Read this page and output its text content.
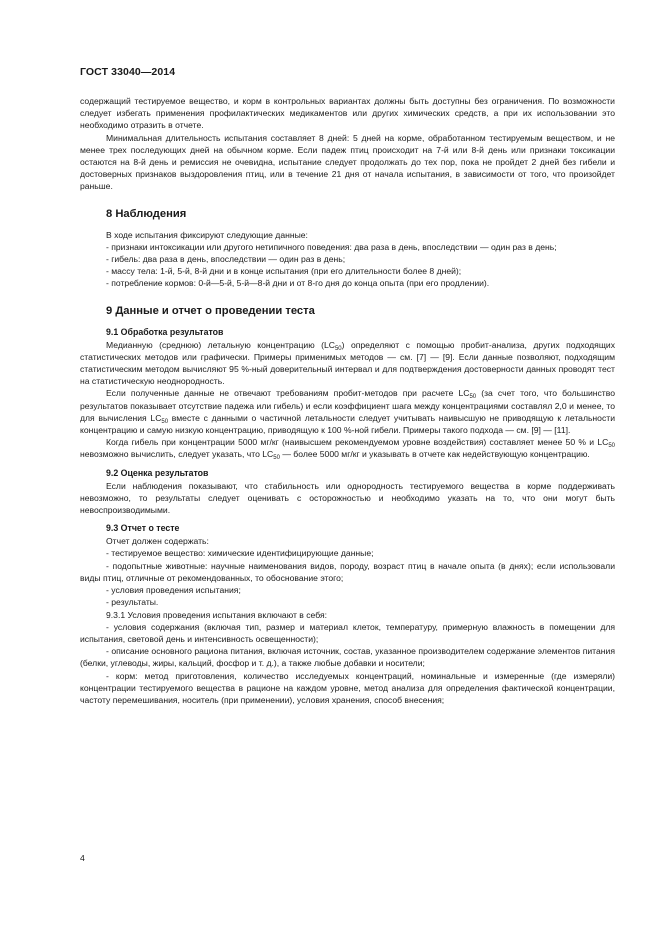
ГОСТ 33040—2014

содержащий тестируемое вещество, и корм в контрольных вариантах должны быть доступны без ограничения. По возможности следует избегать применения профилактических медикаментов или других химических средств, а при их использовании это необходимо отразить в отчете.

Минимальная длительность испытания составляет 8 дней: 5 дней на корме, обработанном тестируемым веществом, и не менее трех последующих дней на обычном корме. Если падеж птиц происходит на 7-й или 8-й день или признаки токсикации остаются на 8-й день и ремиссия не очевидна, испытание следует продолжать до тех пор, пока не пройдет 2 дней без гибели и достоверных признаков выздоровления птиц, или в течение 21 дня от начала испытания, в зависимости от того, что произойдет раньше.

8 Наблюдения

В ходе испытания фиксируют следующие данные:

- признаки интоксикации или другого нетипичного поведения: два раза в день, впоследствии — один раз в день;

- гибель: два раза в день, впоследствии — один раз в день;

- массу тела: 1-й, 5-й, 8-й дни и в конце испытания (при его длительности более 8 дней);

- потребление кормов: 0-й—5-й, 5-й—8-й дни и от 8-го дня до конца опыта (при его продлении).

9 Данные и отчет о проведении теста
9.1 Обработка результатов

Медианную (среднюю) летальную концентрацию $(LC_{50})$ определяют с помощью пробит-анализа, других подходящих статистических методов или графически. Примеры применимых методов — см. [7] — [9]. Если данные позволяют, подходящим статистическим методом вычисляют 95 %-ный доверительный интервал и для подтверждения достоверности данных проводят тест на статистическую неоднородность.

Если полученные данные не отвечают требованиям пробит-методов при расчете $LC_{50}$ (за счет того, что большинство результатов показывает отсутствие падежа или гибель) и если коэффициент шага между концентрациями составлял 2,0 и менее, то для вычисления $LC_{50}$ вместе с данными о частичной летальности следует учитывать наивысшую не приводящую к летальности концентрацию и самую низкую концентрацию, приводящую к 100 %-ной гибели. Примеры такого подхода — см. [9] — [11].

Когда гибель при концентрации 5000 мг/кг (наивысшем рекомендуемом уровне воздействия) составляет менее 50 % и $LC_{50}$ невозможно вычислить, следует указать, что $LC_{50}$ — более 5000 мг/кг и указывать в отчете как недействующую концентрацию.

9.2 Оценка результатов

Если наблюдения показывают, что стабильность или однородность тестируемого вещества в корме поддерживать невозможно, то результаты следует оценивать с осторожностью и необходимо указать на то, что они могут быть невоспроизводимыми.

9.3 Отчет о тесте

Отчет должен содержать:

- тестируемое вещество: химические идентифицирующие данные;

- подопытные животные: научные наименования видов, породу, возраст птиц в начале опыта (в днях); если использовали виды птиц, отличные от рекомендованных, то обоснование этого;

- условия проведения испытания;

- результаты.

9.3.1 Условия проведения испытания включают в себя:

- условия содержания (включая тип, размер и материал клеток, температуру, примерную влажность в помещении для испытания, световой день и интенсивность освещенности);

- описание основного рациона питания, включая источник, состав, указанное производителем содержание элементов питания (белки, углеводы, жиры, кальций, фосфор и т. д.), а также любые добавки и носители;

- корм: метод приготовления, количество исследуемых концентраций, номинальные и измеренные (где измеряли) концентрации тестируемого вещества в рационе на каждом уровне, метод анализа для определения фактической концентрации, частоту перемешивания, носитель (при применении), условия хранения, способ внесения;

4
